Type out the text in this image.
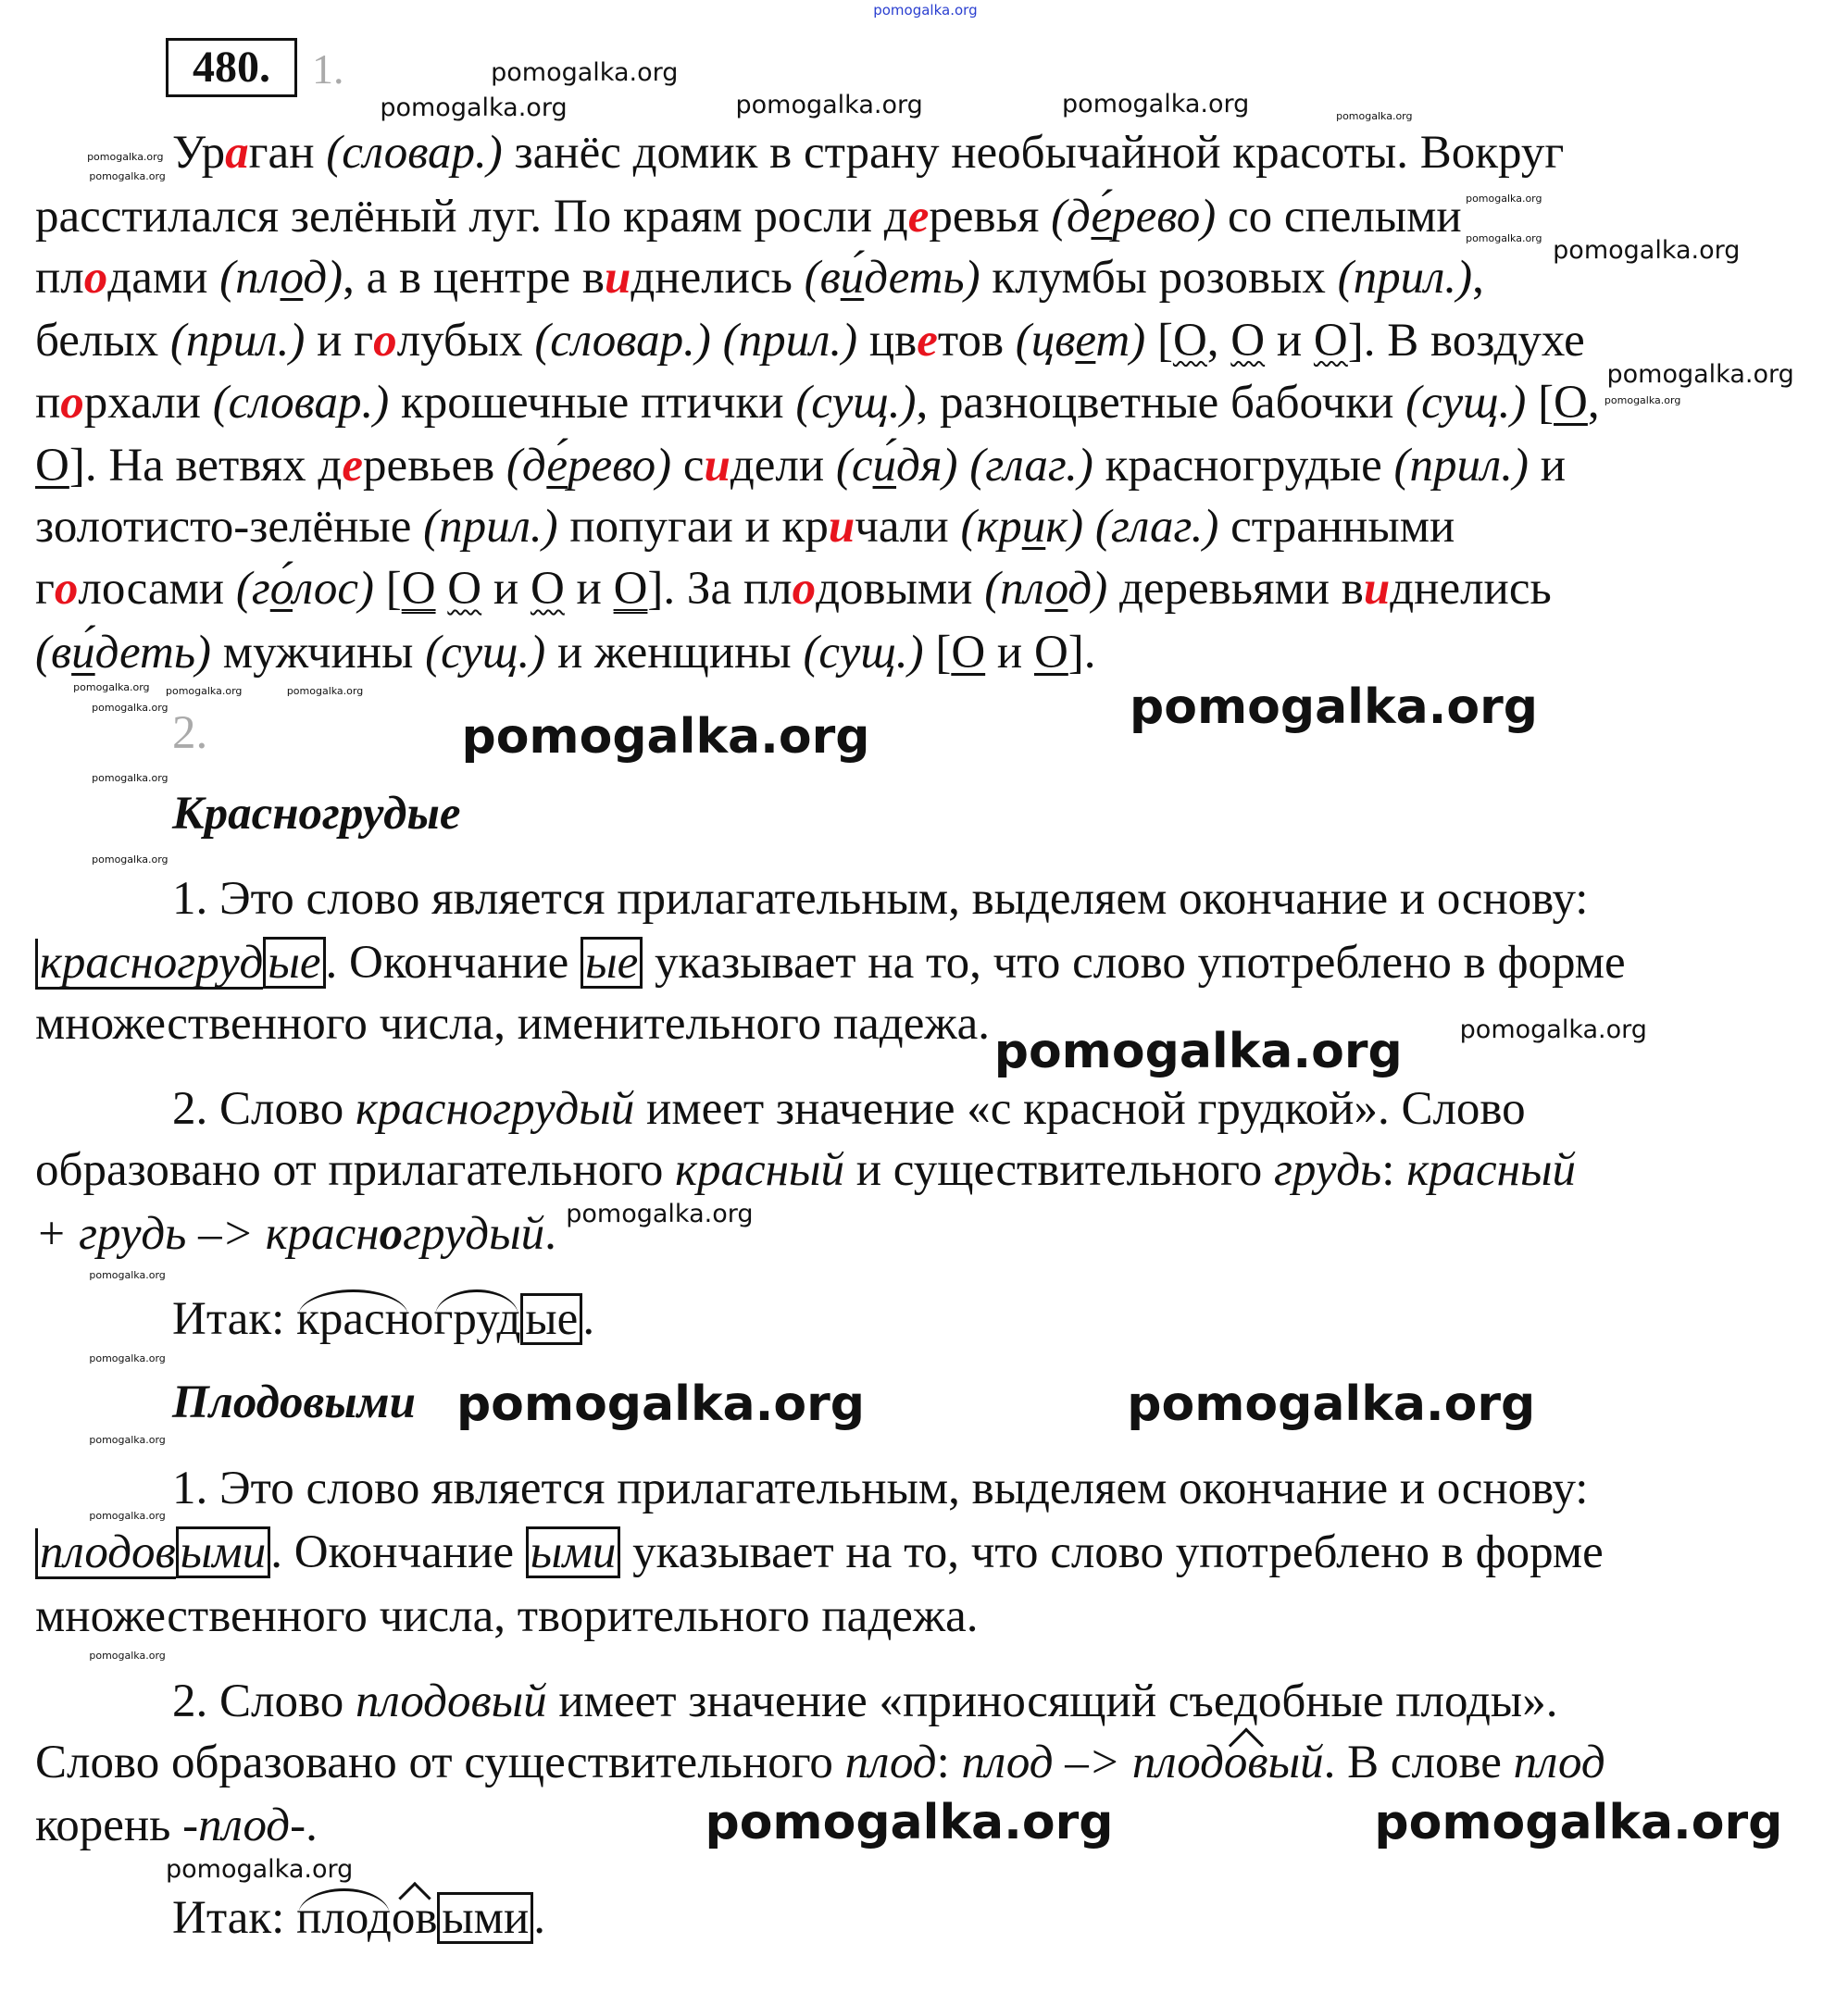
480. 1.
Ураган (словар.) занёс домик в страну необычайной красоты. Вокруг
расстилался зелёный луг. По краям росли деревья (де́рево) со спелыми
плодами (плод), а в центре виднелись (ви́деть) клумбы розовых (прил.),
белых (прил.) и голубых (словар.) (прил.) цветов (цвет) [О, О и О]. В воздухе
порхали (словар.) крошечные птички (сущ.), разноцветные бабочки (сущ.) [О,
О]. На ветвях деревьев (де́рево) сидели (си́дя) (глаг.) красногрудые (прил.) и
золотисто-зелёные (прил.) попугаи и кричали (крик) (глаг.) странными
голосами (го́лос) [О О и О и О]. За плодовыми (плод) деревьями виднелись
(ви́деть) мужчины (сущ.) и женщины (сущ.) [О и О].
2.
Красногрудые
1. Это слово является прилагательным, выделяем окончание и основу:
красногрудые. Окончание ые указывает на то, что слово употреблено в форме
множественного числа, именительного падежа.
2. Слово красногрудый имеет значение «с красной грудкой». Слово
образовано от прилагательного красный и существительного грудь: красный
+ грудь –> красногрудый.
Итак: красногрудые.
Плодовыми
1. Это слово является прилагательным, выделяем окончание и основу:
плодовыми. Окончание ыми указывает на то, что слово употреблено в форме
множественного числа, творительного падежа.
2. Слово плодовый имеет значение «приносящий съедобные плоды».
Слово образовано от существительного плод: плод –> плодовый. В слове плод
корень -плод-.
Итак: плодовыми.
pomogalka.org
pomogalka.org
pomogalka.org
pomogalka.org
pomogalka.org	pomogalka.org
pomogalka.org	pomogalka.org
pomogalka.org	pomogalka.org	pomogalka.org
pomogalka.org
pomogalka.org
pomogalka.org
pomogalka.org
pomogalka.org
pomogalka.org
pomogalka.org
pomogalka.org
pomogalka.org
pomogalka.org
pomogalka.org
pomogalka.org
pomogalka.org	pomogalka.org
pomogalka.org
pomogalka.org
pomogalka.org
pomogalka.org
pomogalka.org
pomogalka.org
pomogalka.org
pomogalka.org
pomogalka.org
